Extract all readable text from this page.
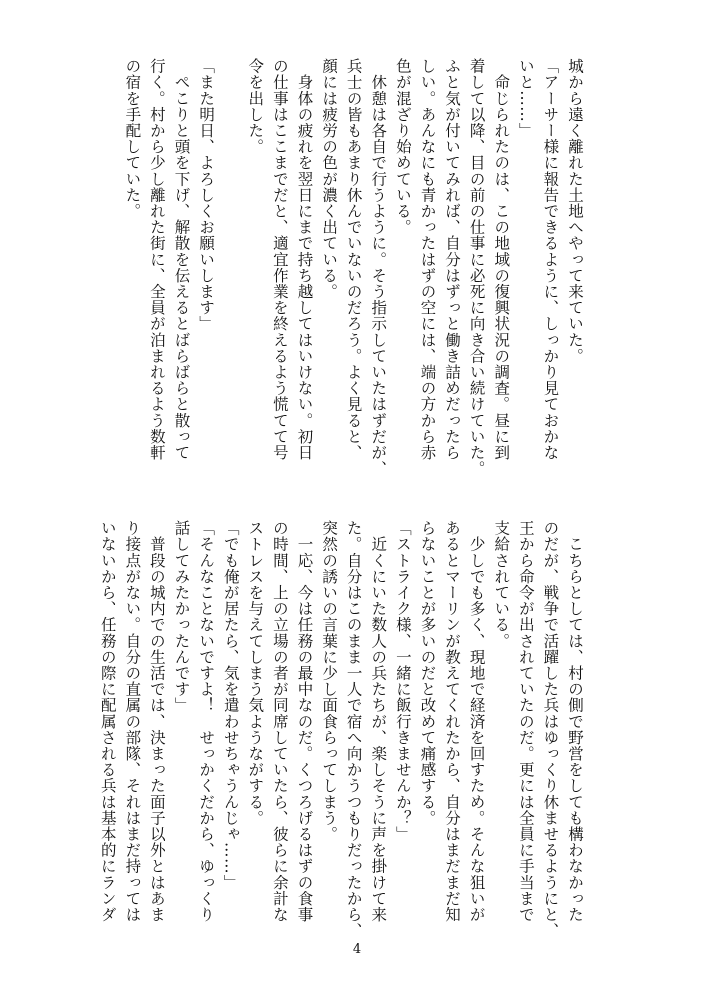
城から遠く離れた土地へやって来ていた。
「アーサー様に報告できるように、しっかり見ておかな
いと……」
　命じられたのは、この地域の復興状況の調査。昼に到
着して以降、目の前の仕事に必死に向き合い続けていた。
ふと気が付いてみれば、自分はずっと働き詰めだったら
しい。あんなにも青かったはずの空には、端の方から赤
色が混ざり始めている。
　休憩は各自で行うように。そう指示していたはずだが、
兵士の皆もあまり休んでいないのだろう。よく見ると、
顔には疲労の色が濃く出ている。
　身体の疲れを翌日にまで持ち越してはいけない。初日
の仕事はここまでだと、適宜作業を終えるよう慌てて号
令を出した。

「また明日、よろしくお願いします」
　ぺこりと頭を下げ、解散を伝えるとばらばらと散って
行く。村から少し離れた街に、全員が泊まれるよう数軒
の宿を手配していた。
　こちらとしては、村の側で野営をしても構わなかった
のだが、戦争で活躍した兵はゆっくり休ませるようにと、
王から命令が出されていたのだ。更には全員に手当まで
支給されている。
　少しでも多く、現地で経済を回すため。そんな狙いが
あるとマーリンが教えてくれたから、自分はまだまだ知
らないことが多いのだと改めて痛感する。
「ストライク様、一緒に飯行きませんか？」
　近くにいた数人の兵たちが、楽しそうに声を掛けて来
た。自分はこのまま一人で宿へ向かうつもりだったから、
突然の誘いの言葉に少し面食らってしまう。
　一応、今は任務の最中なのだ。くつろげるはずの食事
の時間、上の立場の者が同席していたら、彼らに余計な
ストレスを与えてしまう気ようながする。
「でも俺が居たら、気を遣わせちゃうんじゃ……」
「そんなことないですよ！　せっかくだから、ゆっくり
話してみたかったんです」
　普段の城内での生活では、決まった面子以外とはあま
り接点がない。自分の直属の部隊、それはまだ持っては
いないから、任務の際に配属される兵は基本的にランダ
4
